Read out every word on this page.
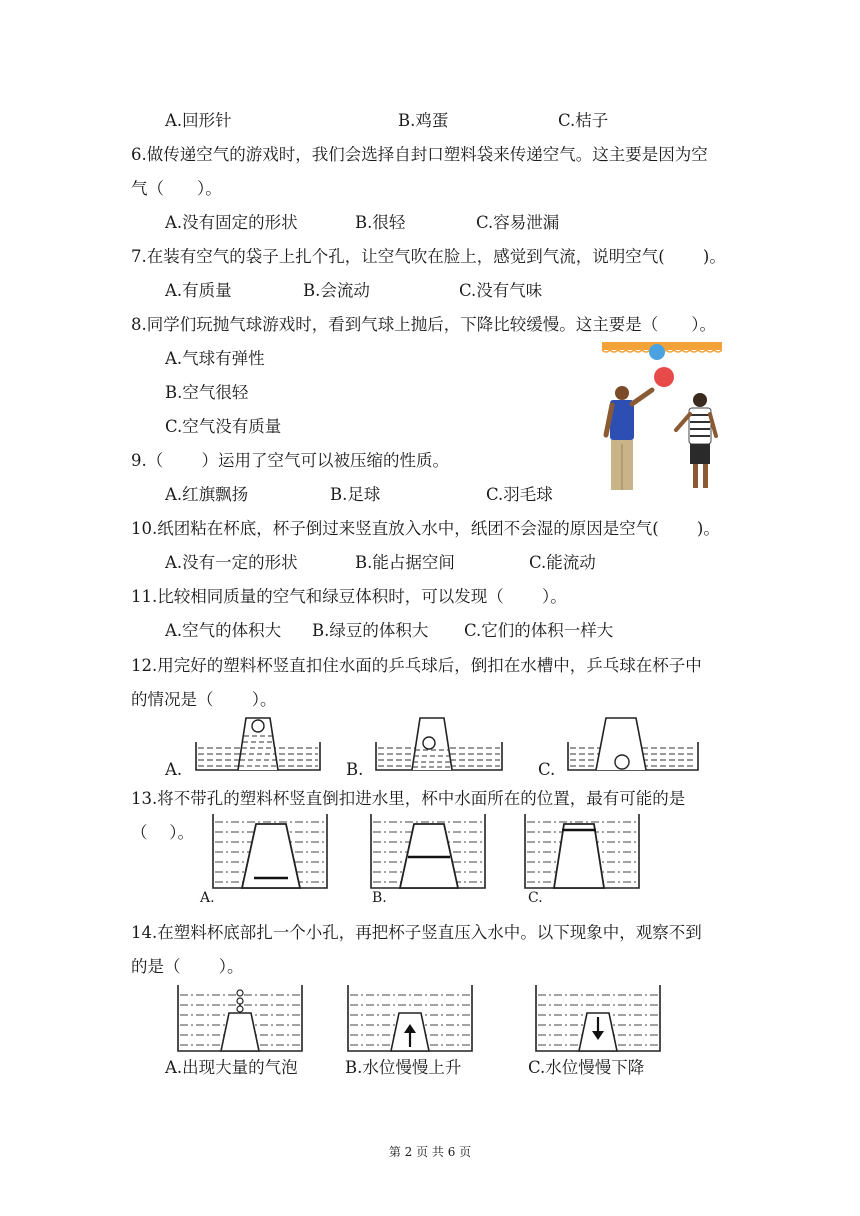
A.回形针	B.鸡蛋	C.桔子
6.做传递空气的游戏时，我们会选择自封口塑料袋来传递空气。这主要是因为空
气（　　）。
A.没有固定的形状	B.很轻	C.容易泄漏
7.在装有空气的袋子上扎个孔，让空气吹在脸上，感觉到气流，说明空气(　　 )。
A.有质量	B.会流动	C.没有气味
8.同学们玩抛气球游戏时，看到气球上抛后，下降比较缓慢。这主要是（　　）。
A.气球有弹性
B.空气很轻
C.空气没有质量
9.（　　 ）运用了空气可以被压缩的性质。
A.红旗飘扬	B.足球	C.羽毛球
10.纸团粘在杯底，杯子倒过来竖直放入水中，纸团不会湿的原因是空气(　　 )。
A.没有一定的形状	B.能占据空间	C.能流动
11.比较相同质量的空气和绿豆体积时，可以发现（　　 ）。
A.空气的体积大 B.绿豆的体积大 C.它们的体积一样大
12.用完好的塑料杯竖直扣住水面的乒乓球后，倒扣在水槽中，乒乓球在杯子中
的情况是（　　 ）。
A.	B.	C.
13.将不带孔的塑料杯竖直倒扣进水里，杯中水面所在的位置，最有可能的是
（　 ）。
A.	B.	C.
14.在塑料杯底部扎一个小孔，再把杯子竖直压入水中。以下现象中，观察不到
的是（　　 ）。
A.出现大量的气泡	B.水位慢慢上升	C.水位慢慢下降
第 2 页 共 6 页
